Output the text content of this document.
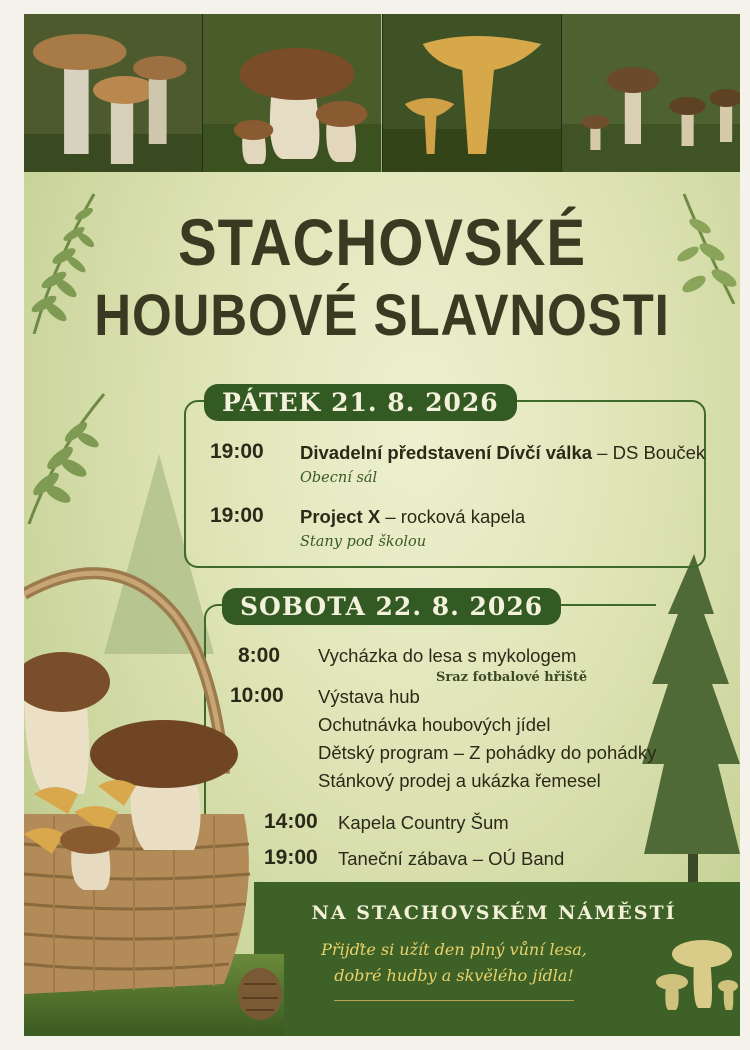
STACHOVSKÉ
HOUBOVÉ SLAVNOSTI
PÁTEK 21. 8. 2026
19:00 Divadelní představení Dívčí válka – DS Bouček
Obecní sál
19:00 Project X – rocková kapela
Stany pod školou
SOBOTA 22. 8. 2026
8:00 Vycházka do lesa s mykologem
Sraz fotbalové hřiště
10:00 Výstava hub
Ochutnávka houbových jídel
Dětský program – Z pohádky do pohádky
Stánkový prodej a ukázka řemesel
14:00 Kapela Country Šum
19:00 Taneční zábava – OÚ Band
NA STACHOVSKÉM NÁMĚSTÍ
Přijďte si užít den plný vůní lesa,
dobré hudby a skvělého jídla!
